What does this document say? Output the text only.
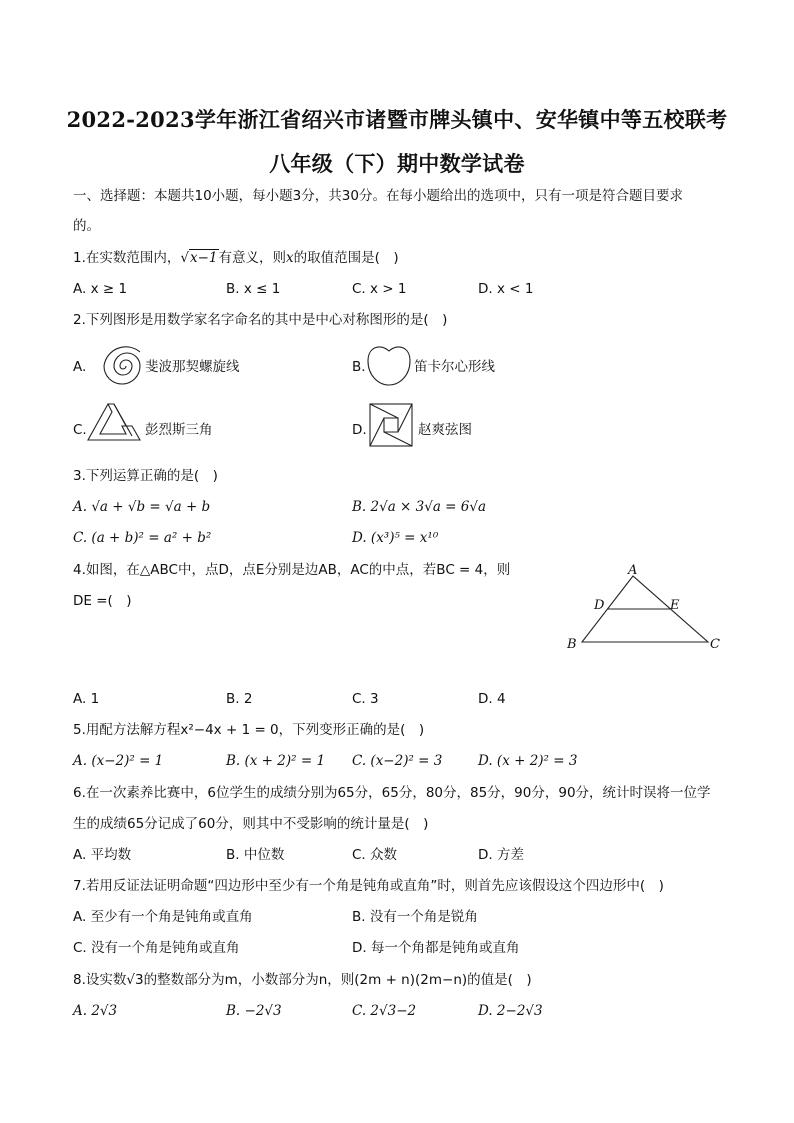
2022-2023学年浙江省绍兴市诸暨市牌头镇中、安华镇中等五校联考
八年级（下）期中数学试卷
一、选择题：本题共10小题，每小题3分，共30分。在每小题给出的选项中，只有一项是符合题目要求
的。
1.在实数范围内，√x−1有意义，则x的取值范围是(　)
A. x ≥ 1	B. x ≤ 1	C. x > 1	D. x < 1
2.下列图形是用数学家名字命名的其中是中心对称图形的是(　)
A.	斐波那契螺旋线	B.	笛卡尔心形线
C.	彭烈斯三角	D.	赵爽弦图
3.下列运算正确的是(　)
A. √a + √b = √a + b	B. 2√a × 3√a = 6√a
C. (a + b)² = a² + b²	D. (x³)⁵ = x¹⁰
4.如图，在△ABC中，点D，点E分别是边AB，AC的中点，若BC = 4，则
DE =(　)
A
D	E
B	C
A. 1	B. 2	C. 3	D. 4
5.用配方法解方程x²−4x + 1 = 0，下列变形正确的是(　)
A. (x−2)² = 1	B. (x + 2)² = 1 C. (x−2)² = 3	D. (x + 2)² = 3
6.在一次素养比赛中，6位学生的成绩分别为65分，65分，80分，85分，90分，90分，统计时误将一位学
生的成绩65分记成了60分，则其中不受影响的统计量是(　)
A. 平均数	B. 中位数	C. 众数	D. 方差
7.若用反证法证明命题“四边形中至少有一个角是钝角或直角”时，则首先应该假设这个四边形中(　)
A. 至少有一个角是钝角或直角	B. 没有一个角是锐角
C. 没有一个角是钝角或直角	D. 每一个角都是钝角或直角
8.设实数√3的整数部分为m，小数部分为n，则(2m + n)(2m−n)的值是(　)
A. 2√3	B. −2√3	C. 2√3−2	D. 2−2√3
